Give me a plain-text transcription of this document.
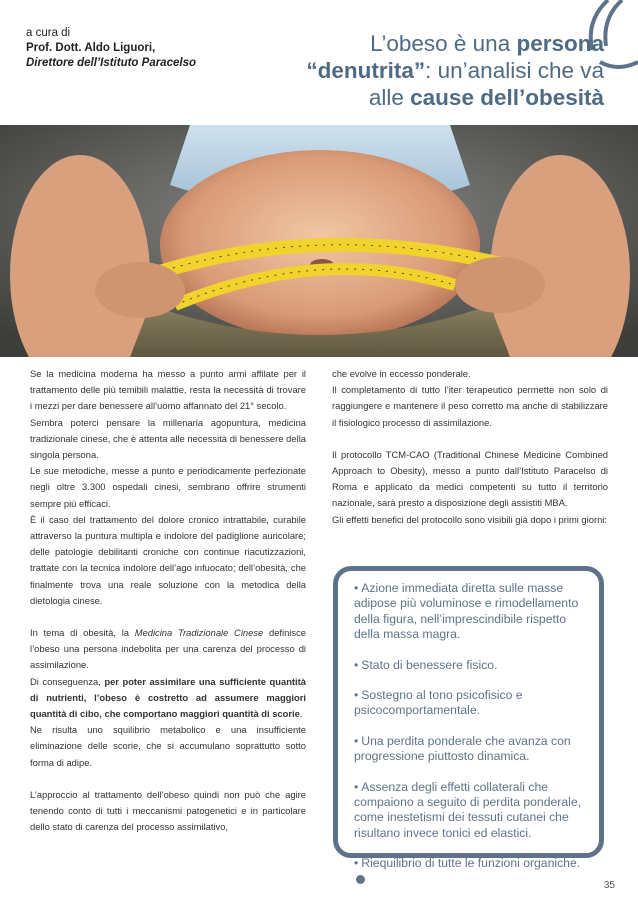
a cura di
Prof. Dott. Aldo Liguori,
Direttore dell’Istituto Paracelso
L’obeso è una persona
“denutrita”: un’analisi che va
alle cause dell’obesità

Se la medicina moderna ha messo a punto armi affilate per il trattamento delle più temibili malattie, resta la necessità di trovare i mezzi per dare benessere all’uomo affannato del 21° secolo.

Sembra poterci pensare la millenaria agopuntura, medicina tradizionale cinese, che è attenta alle necessità di benessere della singola persona.

Le sue metodiche, messe a punto e periodicamente perfezionate negli oltre 3.300 ospedali cinesi, sembrano offrire strumenti sempre più efficaci.

È il caso del trattamento del dolore cronico intrattabile, curabile attraverso la puntura multipla e indolore del padiglione auricolare; delle patologie debilitanti croniche con continue riacutizzazioni, trattate con la tecnica indolore dell’ago infuocato; dell’obesità, che finalmente trova una reale soluzione con la metodica della dietologia cinese.

In tema di obesità, la Medicina Tradizionale Cinese definisce l’obeso una persona indebolita per una carenza del processo di assimilazione.

Di conseguenza, per poter assimilare una sufficiente quantità di nutrienti, l’obeso è costretto ad assumere maggiori quantità di cibo, che comportano maggiori quantità di scorie.

Ne risulta uno squilibrio metabolico e una insufficiente eliminazione delle scorie, che si accumulano soprattutto sotto forma di adipe.

L’approccio al trattamento dell’obeso quindi non può che agire tenendo conto di tutti i meccanismi patogenetici e in particolare dello stato di carenza del processo assimilativo,

che evolve in eccesso ponderale.

Il completamento di tutto l’iter terapeutico permette non solo di raggiungere e mantenere il peso corretto ma anche di stabilizzare il fisiologico processo di assimilazione.

Il protocollo TCM-CAO (Traditional Chinese Medicine Combined Approach to Obesity), messo a punto dall’Istituto Paracelso di Roma e applicato da medici competenti su tutto il territorio nazionale, sarà presto a disposizione degli assistiti MBA.

Gli effetti benefici del protocollo sono visibili già dopo i primi giorni:

• Azione immediata diretta sulle masse adipose più voluminose e rimodellamento della figura, nell’imprescindibile rispetto della massa magra.
• Stato di benessere fisico.
• Sostegno al tono psicofisico e psicocomportamentale.
• Una perdita ponderale che avanza con progressione piuttosto dinamica.
• Assenza degli effetti collaterali che compaiono a seguito di perdita ponderale, come inestetismi dei tessuti cutanei che risultano invece tonici ed elastici.
• Riequilibrio di tutte le funzioni organiche.
35
